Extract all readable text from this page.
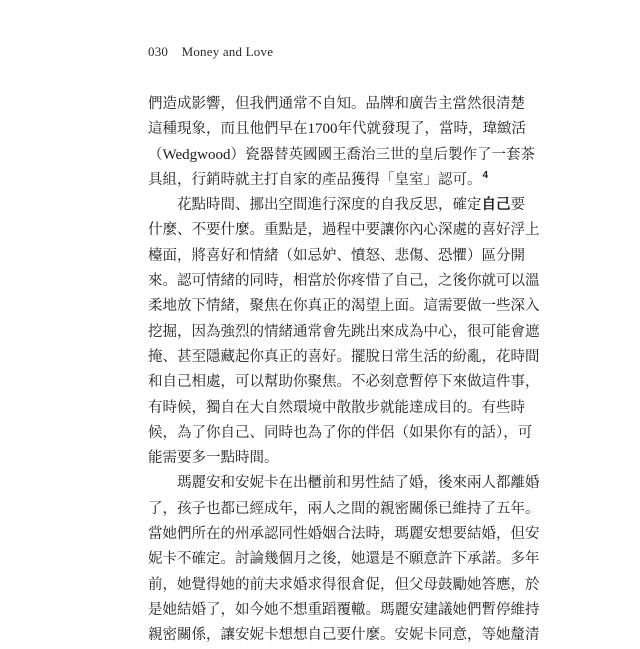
030 Money and Love
們造成影響，但我們通常不自知。品牌和廣告主當然很清楚
這種現象，而且他們早在1700年代就發現了，當時，瑋緻活
（Wedgwood）瓷器替英國國王喬治三世的皇后製作了一套茶
具組，行銷時就主打自家的產品獲得「皇室」認可。$^4$
花點時間、挪出空間進行深度的自我反思，確定自己要
什麼、不要什麼。重點是，過程中要讓你內心深處的喜好浮上
檯面，將喜好和情緒（如忌妒、憤怒、悲傷、恐懼）區分開
來。認可情緒的同時，相當於你疼惜了自己，之後你就可以溫
柔地放下情緒，聚焦在你真正的渴望上面。這需要做一些深入
挖掘，因為強烈的情緒通常會先跳出來成為中心，很可能會遮
掩、甚至隱藏起你真正的喜好。擺脫日常生活的紛亂，花時間
和自己相處，可以幫助你聚焦。不必刻意暫停下來做這件事，
有時候，獨自在大自然環境中散散步就能達成目的。有些時
候，為了你自己、同時也為了你的伴侶（如果你有的話），可
能需要多一點時間。
瑪麗安和安妮卡在出櫃前和男性結了婚，後來兩人都離婚
了，孩子也都已經成年，兩人之間的親密關係已維持了五年。
當她們所在的州承認同性婚姻合法時，瑪麗安想要結婚，但安
妮卡不確定。討論幾個月之後，她還是不願意許下承諾。多年
前，她覺得她的前夫求婚求得很倉促，但父母鼓勵她答應，於
是她結婚了，如今她不想重蹈覆轍。瑪麗安建議她們暫停維持
親密關係，讓安妮卡想想自己要什麼。安妮卡同意，等她釐清
